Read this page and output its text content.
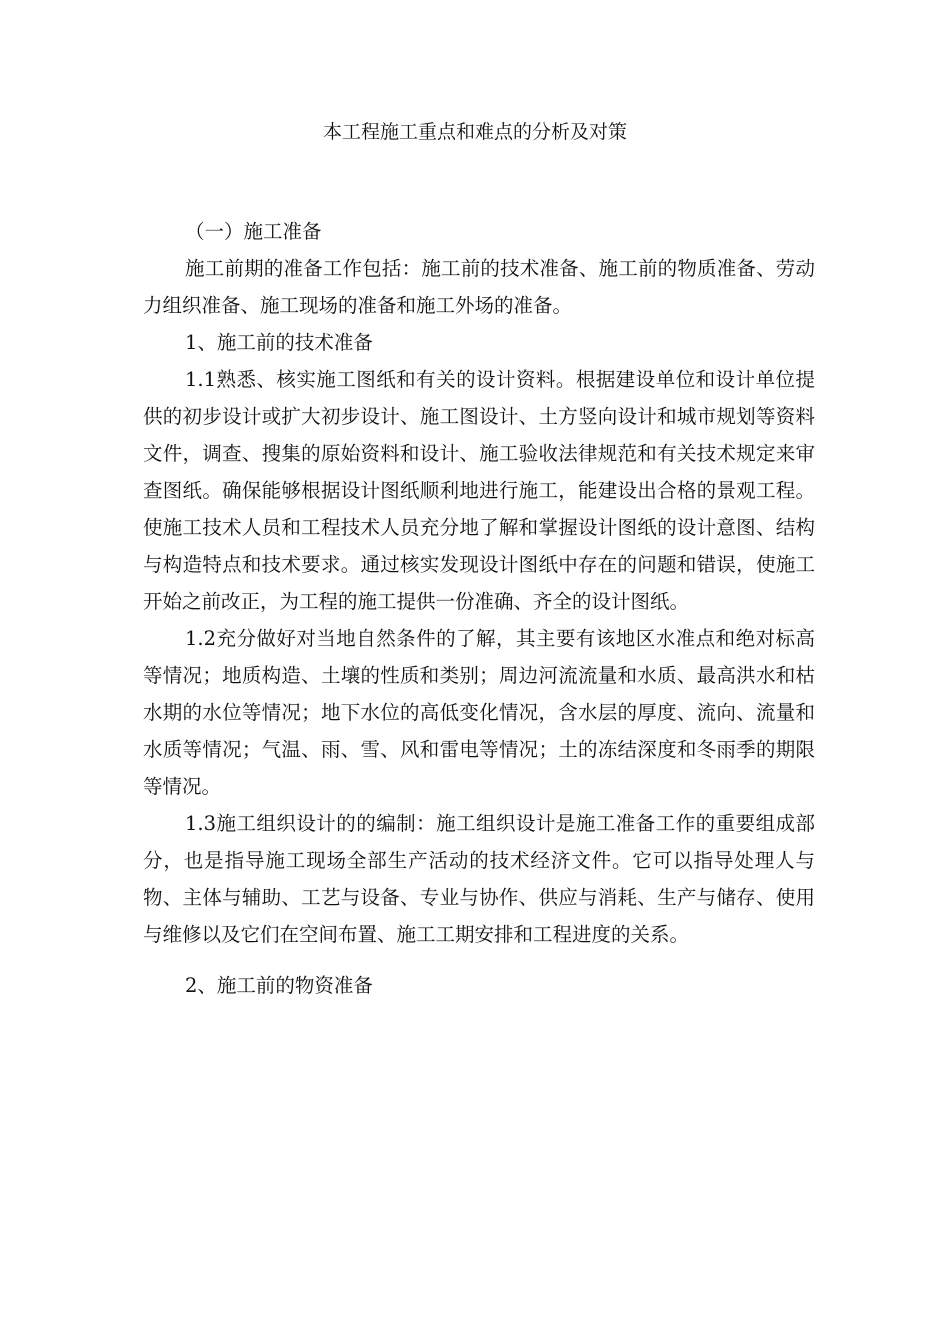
本工程施工重点和难点的分析及对策

（一）施工准备

施工前期的准备工作包括：施工前的技术准备、施工前的物质准备、劳动力组织准备、施工现场的准备和施工外场的准备。

1、施工前的技术准备

1.1熟悉、核实施工图纸和有关的设计资料。根据建设单位和设计单位提供的初步设计或扩大初步设计、施工图设计、土方竖向设计和城市规划等资料文件，调查、搜集的原始资料和设计、施工验收法律规范和有关技术规定来审查图纸。确保能够根据设计图纸顺利地进行施工，能建设出合格的景观工程。使施工技术人员和工程技术人员充分地了解和掌握设计图纸的设计意图、结构与构造特点和技术要求。通过核实发现设计图纸中存在的问题和错误，使施工开始之前改正，为工程的施工提供一份准确、齐全的设计图纸。

1.2充分做好对当地自然条件的了解，其主要有该地区水准点和绝对标高等情况；地质构造、土壤的性质和类别；周边河流流量和水质、最高洪水和枯水期的水位等情况；地下水位的高低变化情况，含水层的厚度、流向、流量和水质等情况；气温、雨、雪、风和雷电等情况；土的冻结深度和冬雨季的期限等情况。

1.3施工组织设计的的编制：施工组织设计是施工准备工作的重要组成部分，也是指导施工现场全部生产活动的技术经济文件。它可以指导处理人与物、主体与辅助、工艺与设备、专业与协作、供应与消耗、生产与储存、使用与维修以及它们在空间布置、施工工期安排和工程进度的关系。

2、施工前的物资准备
